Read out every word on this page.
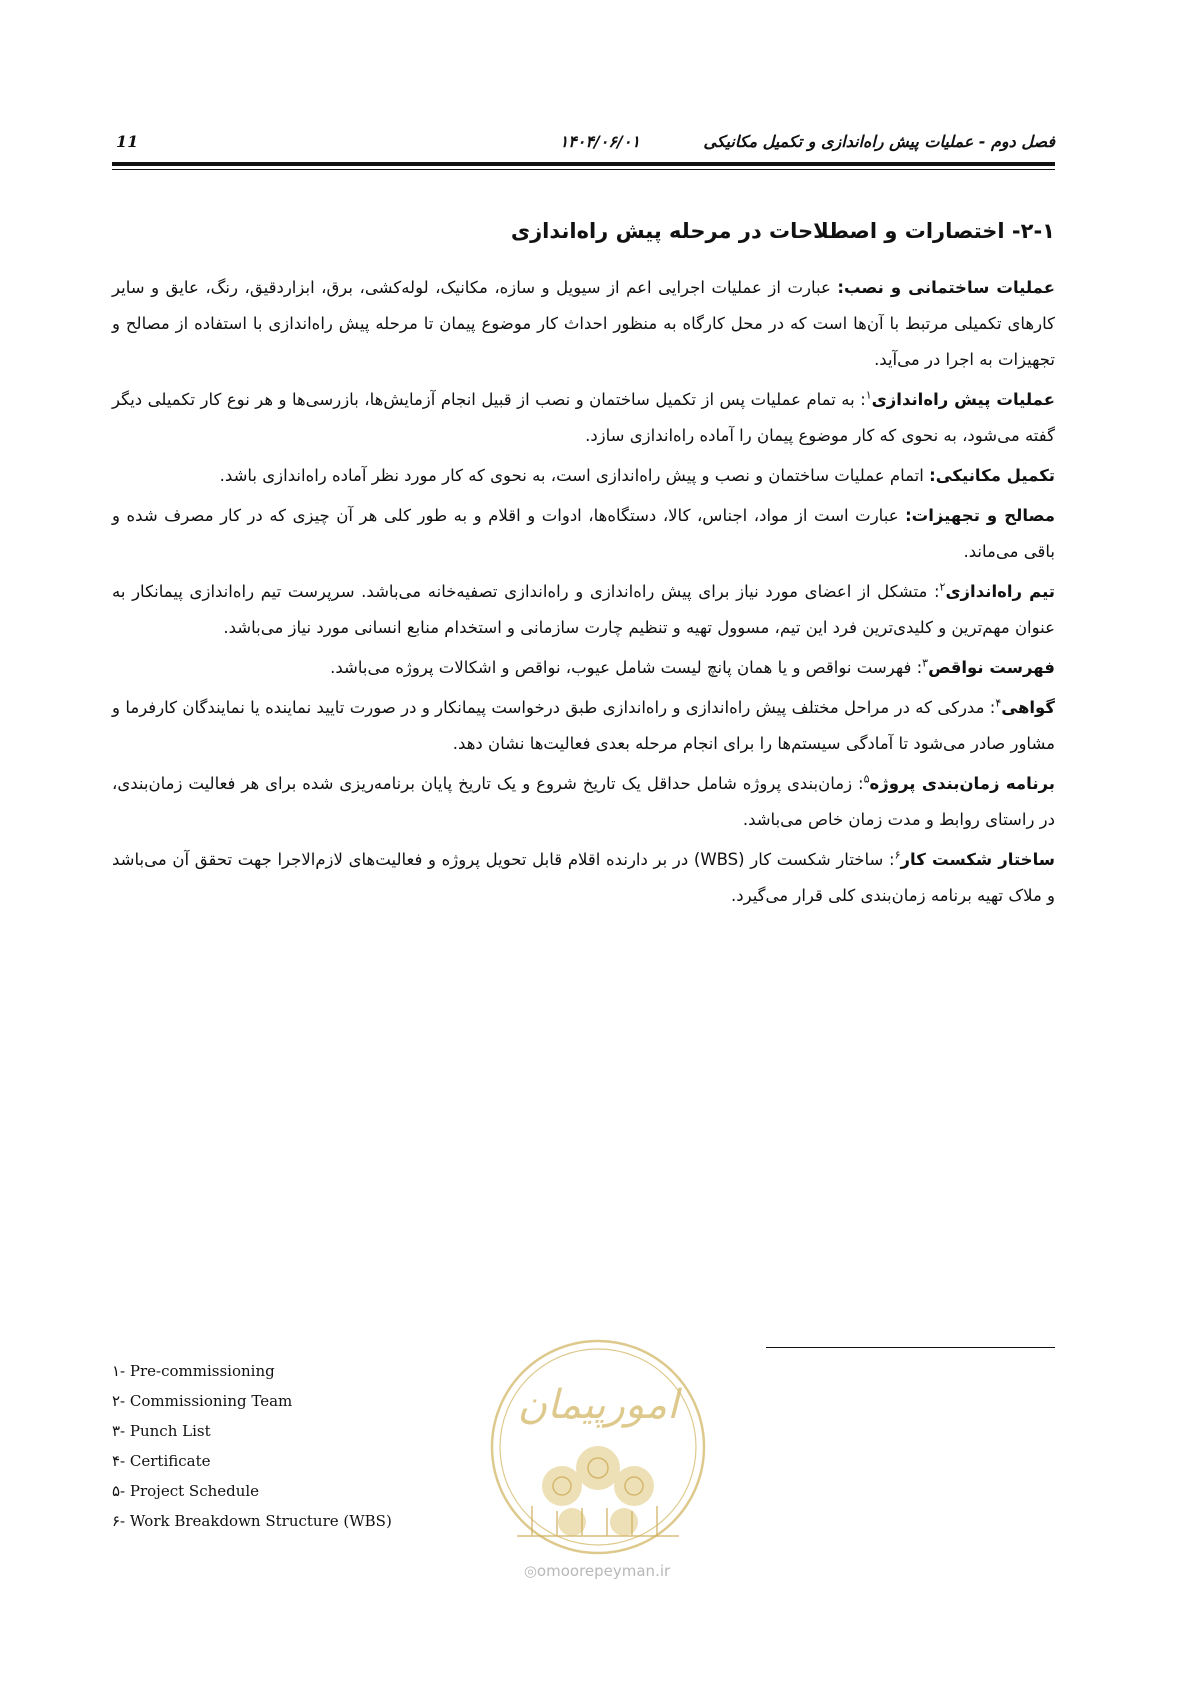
فصل دوم - عملیات پیش راه‌اندازی و تکمیل مکانیکی
۱۴۰۴/۰۶/۰۱
11
۲-۱- اختصارات و اصطلاحات در مرحله پیش راه‌اندازی

عملیات ساختمانی و نصب: عبارت از عملیات اجرایی اعم از سیویل و سازه، مکانیک، لوله‌کشی، برق، ابزاردقیق، رنگ، عایق و سایر کارهای تکمیلی مرتبط با آن‌ها است که در محل کارگاه به منظور احداث کار موضوع پیمان تا مرحله پیش راه‌اندازی با استفاده از مصالح و تجهیزات به اجرا در می‌آید.

عملیات پیش راه‌اندازی$^۱$: به تمام عملیات پس از تکمیل ساختمان و نصب از قبیل انجام آزمایش‌ها، بازرسی‌ها و هر نوع کار تکمیلی دیگر گفته می‌شود، به نحوی که کار موضوع پیمان را آماده راه‌اندازی سازد.

تکمیل مکانیکی: اتمام عملیات ساختمان و نصب و پیش راه‌اندازی است، به نحوی که کار مورد نظر آماده راه‌اندازی باشد.

مصالح و تجهیزات: عبارت است از مواد، اجناس، کالا، دستگاه‌ها، ادوات و اقلام و به طور کلی هر آن چیزی که در کار مصرف شده و باقی می‌ماند.

تیم راه‌اندازی$^۲$: متشکل از اعضای مورد نیاز برای پیش راه‌اندازی و راه‌اندازی تصفیه‌خانه می‌باشد. سرپرست تیم راه‌اندازی پیمانکار به عنوان مهم‌ترین و کلیدی‌ترین فرد این تیم، مسوول تهیه و تنظیم چارت سازمانی و استخدام منابع انسانی مورد نیاز می‌باشد.

فهرست نواقص$^۳$: فهرست نواقص و یا همان پانچ لیست شامل عیوب، نواقص و اشکالات پروژه می‌باشد.

گواهی$^۴$: مدرکی که در مراحل مختلف پیش راه‌اندازی و راه‌اندازی طبق درخواست پیمانکار و در صورت تایید نماینده یا نمایندگان کارفرما و مشاور صادر می‌شود تا آمادگی سیستم‌ها را برای انجام مرحله بعدی فعالیت‌ها نشان دهد.

برنامه زمان‌بندی پروژه$^۵$: زمان‌بندی پروژه شامل حداقل یک تاریخ شروع و یک تاریخ پایان برنامه‌ریزی شده برای هر فعالیت زمان‌بندی، در راستای روابط و مدت زمان خاص می‌باشد.

ساختار شکست کار$^۶$: ساختار شکست کار (WBS) در بر دارنده اقلام قابل تحویل پروژه و فعالیت‌های لازم‌الاجرا جهت تحقق آن می‌باشد و ملاک تهیه برنامه زمان‌بندی کلی قرار می‌گیرد.

۱- Pre-commissioning
۲- Commissioning Team
۳- Punch List
۴- Certificate
۵- Project Schedule
۶- Work Breakdown Structure (WBS)
امورپیمان
◎omoorepeyman.ir
